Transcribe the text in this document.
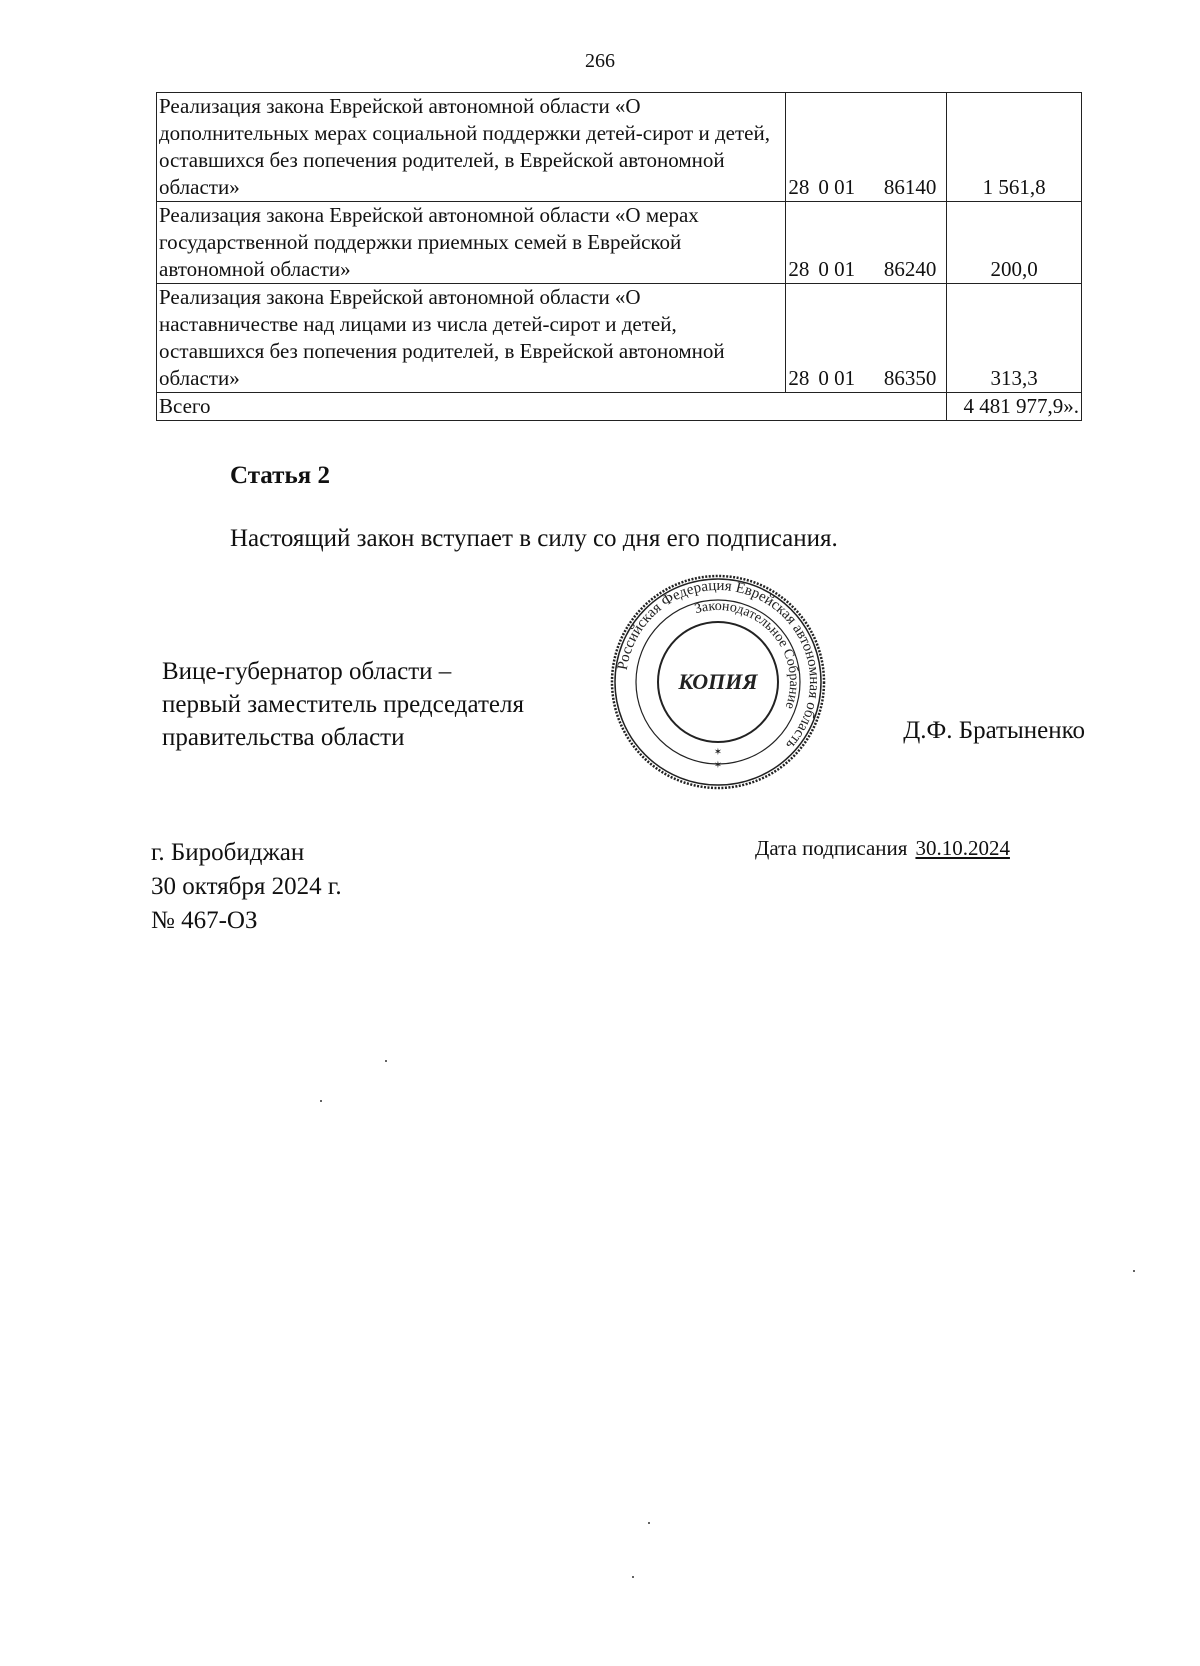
266
Реализация закона Еврейской автономной области «О дополнительных мерах социальной поддержки детей-сирот и детей, оставшихся без попечения родителей, в Еврейской автономной области»	28 0 01 86140	1 561,8
Реализация закона Еврейской автономной области «О мерах государственной поддержки приемных семей в Еврейской автономной области»	28 0 01 86240	200,0
Реализация закона Еврейской автономной области «О наставничестве над лицами из числа детей-сирот и детей, оставшихся без попечения родителей, в Еврейской автономной области»	28 0 01 86350	313,3
Всего		4 481 977,9».
Статья 2
Настоящий закон вступает в силу со дня его подписания.
Вице-губернатор области –
первый заместитель председателя
правительства области
Российская Федерация Еврейская автономная область
Законодательное Собрание
КОПИЯ
✶
✶
Д.Ф. Братыненко
г. Биробиджан
30 октября 2024 г.
№ 467-ОЗ
Дата подписания 30.10.2024
